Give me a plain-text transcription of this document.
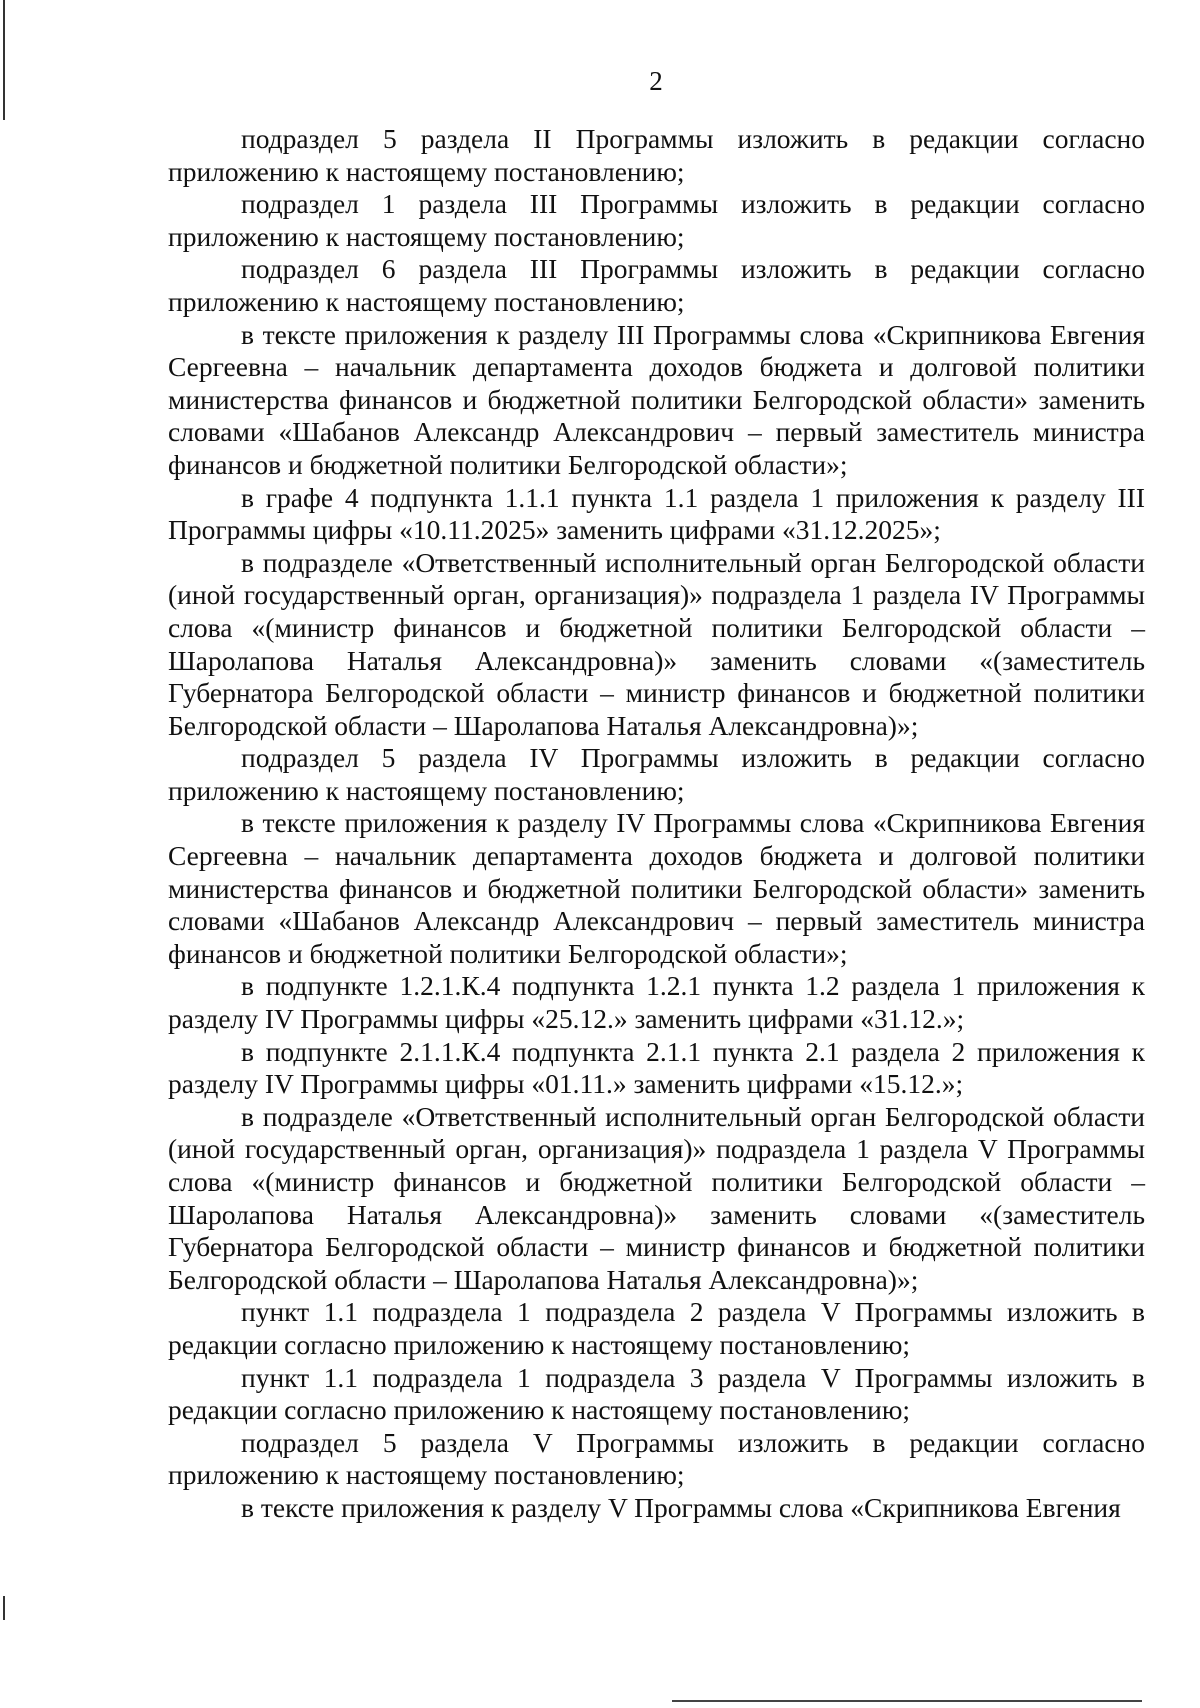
2

подраздел 5 раздела II Программы изложить в редакции согласно приложению к настоящему постановлению;

подраздел 1 раздела III Программы изложить в редакции согласно приложению к настоящему постановлению;

подраздел 6 раздела III Программы изложить в редакции согласно приложению к настоящему постановлению;

в тексте приложения к разделу III Программы слова «Скрипникова Евгения Сергеевна – начальник департамента доходов бюджета и долговой политики министерства финансов и бюджетной политики Белгородской области» заменить словами «Шабанов Александр Александрович – первый заместитель министра финансов и бюджетной политики Белгородской области»;

в графе 4 подпункта 1.1.1 пункта 1.1 раздела 1 приложения к разделу III Программы цифры «10.11.2025» заменить цифрами «31.12.2025»;

в подразделе «Ответственный исполнительный орган Белгородской области (иной государственный орган, организация)» подраздела 1 раздела IV Программы слова «(министр финансов и бюджетной политики Белгородской области – Шаролапова Наталья Александровна)» заменить словами «(заместитель Губернатора Белгородской области – министр финансов и бюджетной политики Белгородской области – Шаролапова Наталья Александровна)»;

подраздел 5 раздела IV Программы изложить в редакции согласно приложению к настоящему постановлению;

в тексте приложения к разделу IV Программы слова «Скрипникова Евгения Сергеевна – начальник департамента доходов бюджета и долговой политики министерства финансов и бюджетной политики Белгородской области» заменить словами «Шабанов Александр Александрович – первый заместитель министра финансов и бюджетной политики Белгородской области»;

в подпункте 1.2.1.К.4 подпункта 1.2.1 пункта 1.2 раздела 1 приложения к разделу IV Программы цифры «25.12.» заменить цифрами «31.12.»;

в подпункте 2.1.1.К.4 подпункта 2.1.1 пункта 2.1 раздела 2 приложения к разделу IV Программы цифры «01.11.» заменить цифрами «15.12.»;

в подразделе «Ответственный исполнительный орган Белгородской области (иной государственный орган, организация)» подраздела 1 раздела V Программы слова «(министр финансов и бюджетной политики Белгородской области – Шаролапова Наталья Александровна)» заменить словами «(заместитель Губернатора Белгородской области – министр финансов и бюджетной политики Белгородской области – Шаролапова Наталья Александровна)»;

пункт 1.1 подраздела 1 подраздела 2 раздела V Программы изложить в редакции согласно приложению к настоящему постановлению;

пункт 1.1 подраздела 1 подраздела 3 раздела V Программы изложить в редакции согласно приложению к настоящему постановлению;

подраздел 5 раздела V Программы изложить в редакции согласно приложению к настоящему постановлению;

в тексте приложения к разделу V Программы слова «Скрипникова Евгения
